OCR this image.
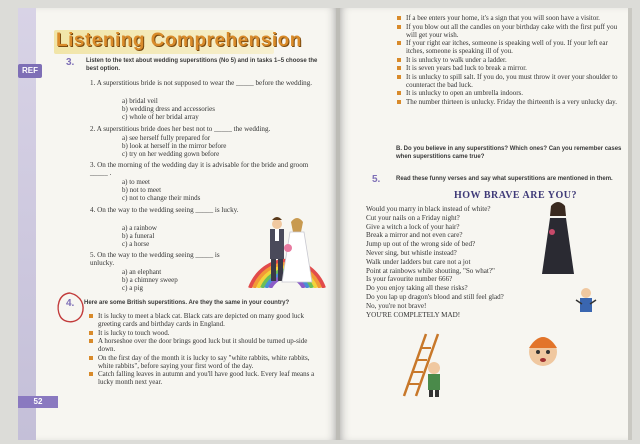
Listening Comprehension
REF
3. Listen to the text about wedding superstitions (No 5) and in tasks 1–5 choose the best option.
1. A superstitious bride is not supposed to wear the _____ before the wedding.
a) bridal veil
b) wedding dress and accessories
c) whole of her bridal array
2. A superstitious bride does her best not to _____ the wedding.
a) see herself fully prepared for
b) look at herself in the mirror before
c) try on her wedding gown before
3. On the morning of the wedding day it is advisable for the bride and groom _____ .
a) to meet
b) not to meet
c) not to change their minds
4. On the way to the wedding seeing _____ is lucky.
a) a rainbow
b) a funeral
c) a horse
5. On the way to the wedding seeing _____ is unlucky.
a) an elephant
b) a chimney sweep
c) a pig
4. Here are some British superstitions. Are they the same in your country?
It is lucky to meet a black cat. Black cats are depicted on many good luck greeting cards and birthday cards in England.
It is lucky to touch wood.
A horseshoe over the door brings good luck but it should be turned up-side down.
On the first day of the month it is lucky to say "white rabbits, white rabbits, white rabbits", before saying your first word of the day.
Catch falling leaves in autumn and you'll have good luck. Every leaf means a lucky month next year.
52
If a bee enters your home, it's a sign that you will soon have a visitor.
If you blow out all the candles on your birthday cake with the first puff you will get your wish.
If your right ear itches, someone is speaking well of you. If your left ear itches, someone is speaking ill of you.
It is unlucky to walk under a ladder.
It is seven years bad luck to break a mirror.
It is unlucky to spill salt. If you do, you must throw it over your shoulder to counteract the bad luck.
It is unlucky to open an umbrella indoors.
The number thirteen is unlucky. Friday the thirteenth is a very unlucky day.
B. Do you believe in any superstitions? Which ones? Can you remember cases when superstitions came true?
5.	Read these funny verses and say what superstitions are mentioned in them.
HOW BRAVE ARE YOU?
Would you marry in black instead of white?
Cut your nails on a Friday night?
Give a witch a lock of your hair?
Break a mirror and not even care?
Jump up out of the wrong side of bed?
Never sing, but whistle instead?
Walk under ladders but care not a jot
Point at rainbows while shouting, "So what?"
Is your favourite number 666?
Do you enjoy taking all these risks?
Do you lap up dragon's blood and still feel glad?
No, you're not brave!
YOU'RE COMPLETELY MAD!
